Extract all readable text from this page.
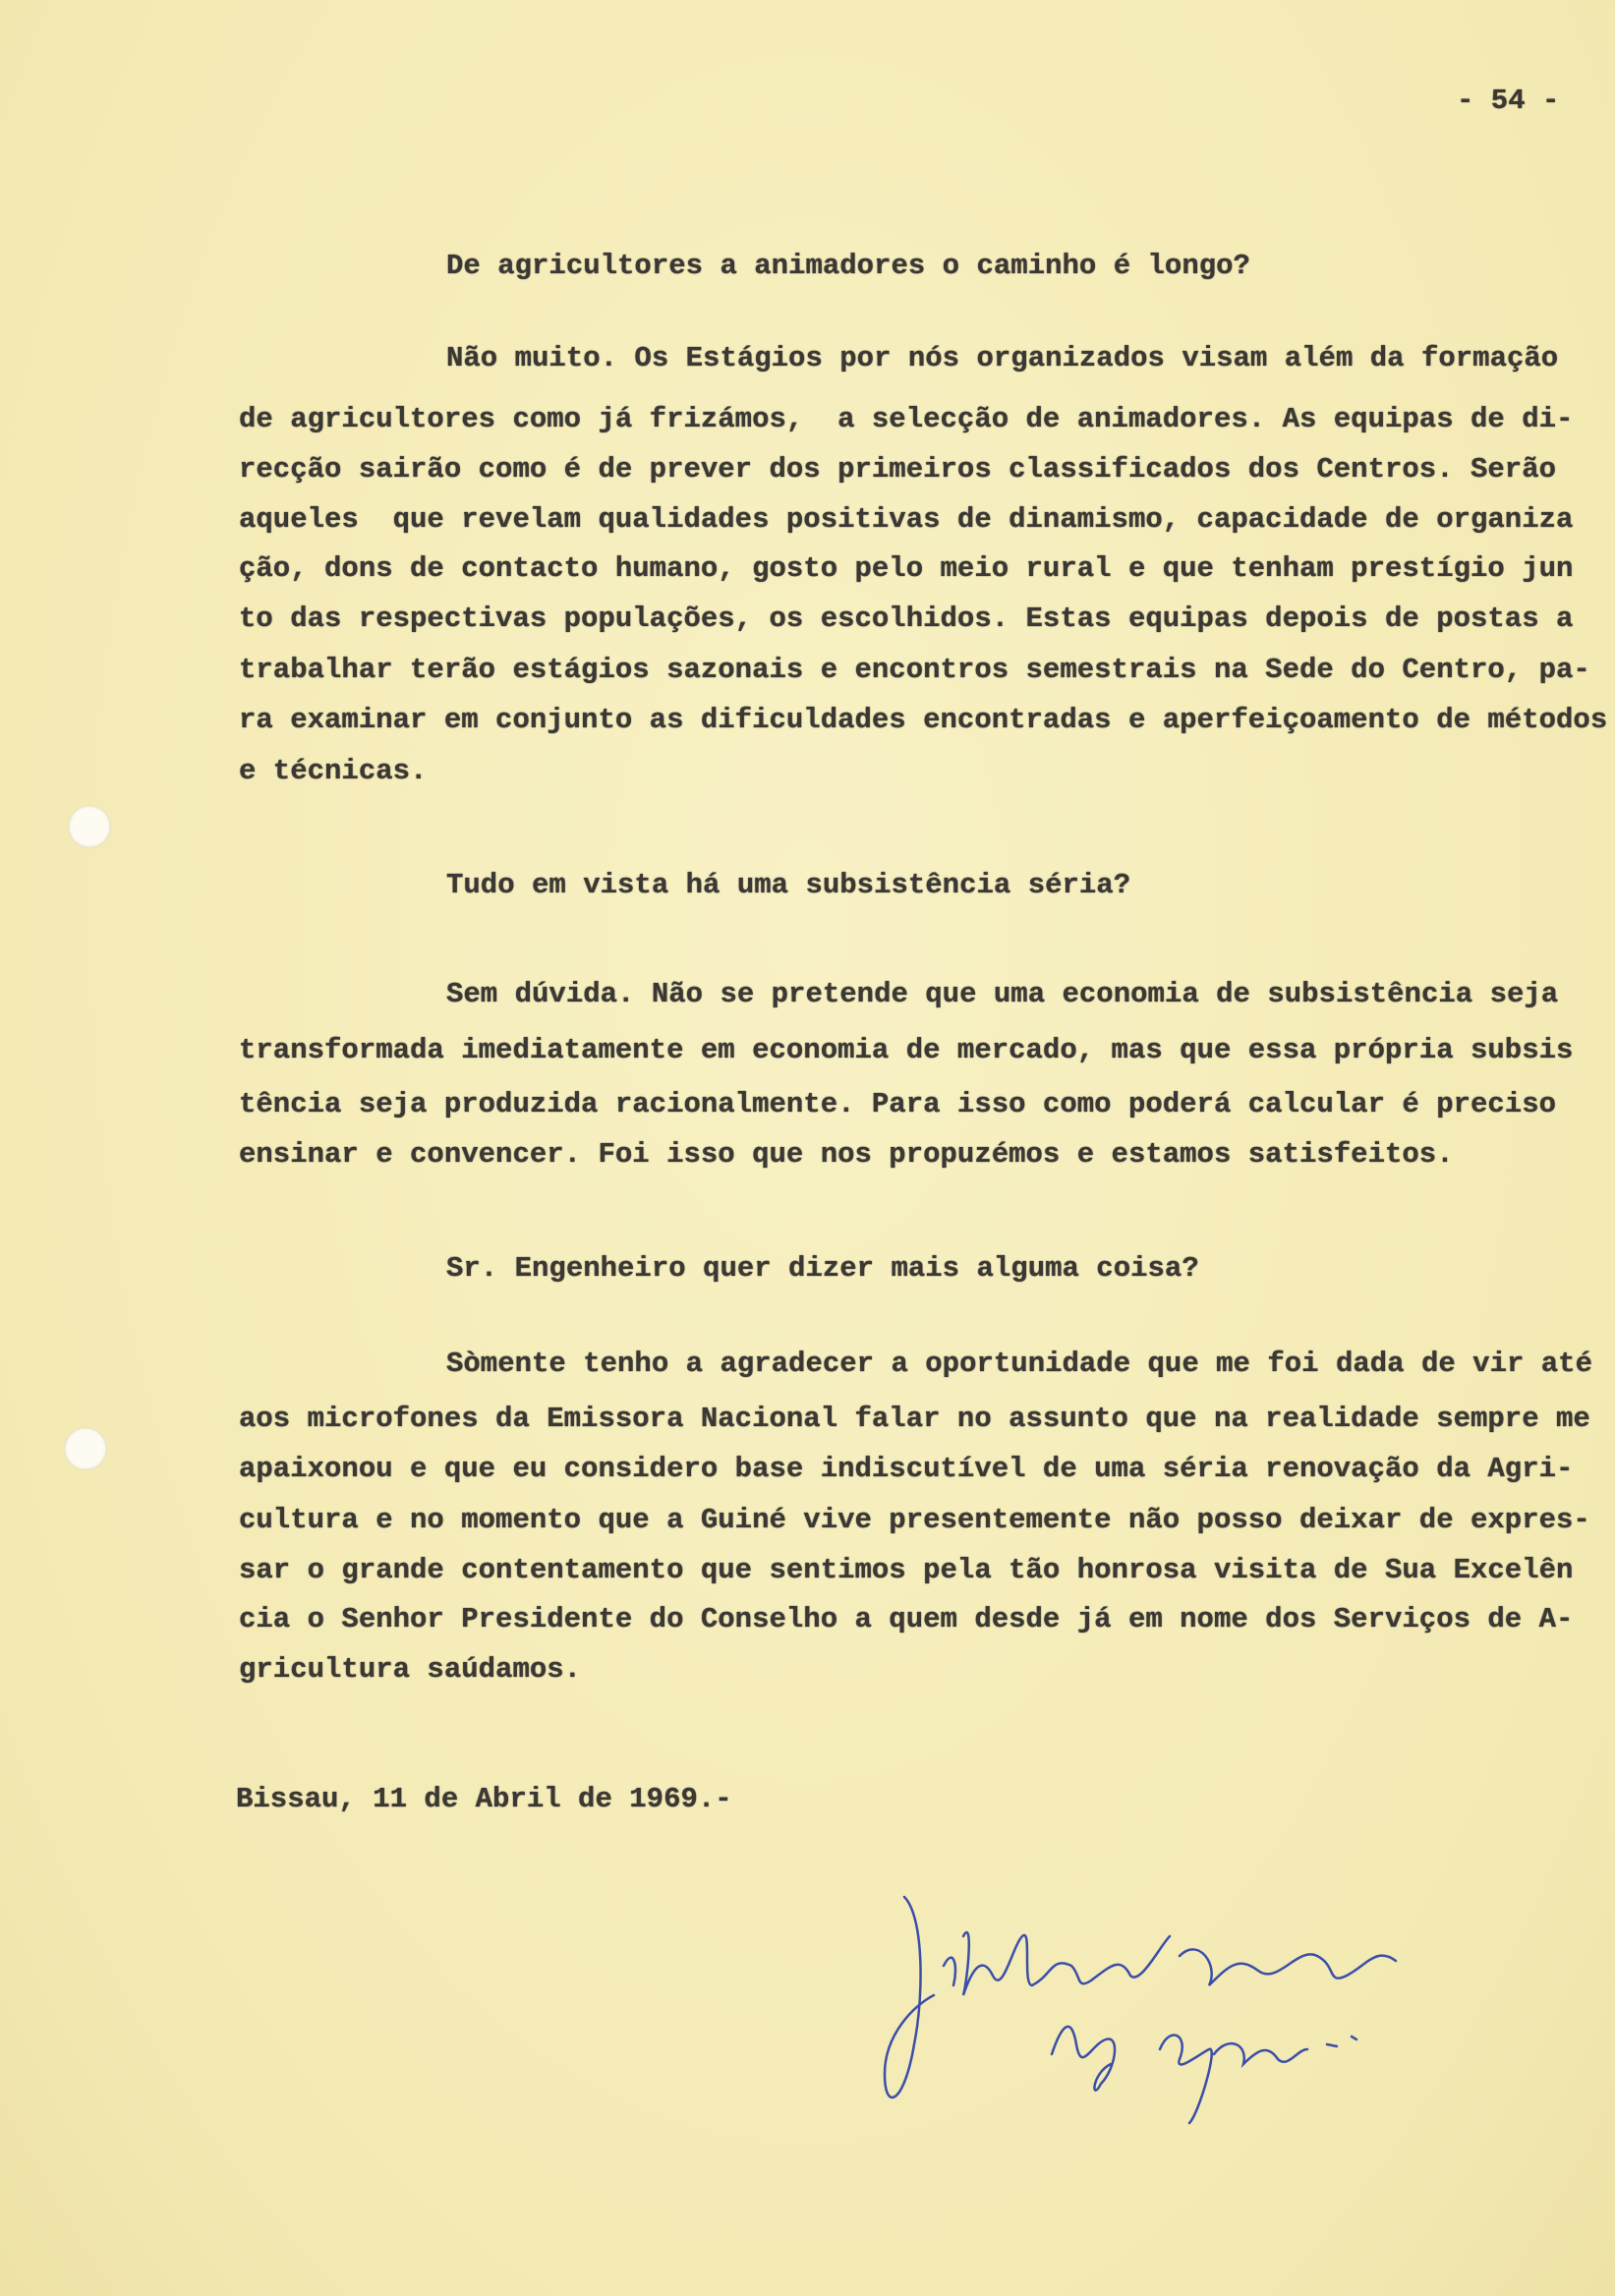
- 54 -
De agricultores a animadores o caminho é longo?
Não muito. Os Estágios por nós organizados visam além da formação
de agricultores como já frizámos,  a selecção de animadores. As equipas de di-
recção sairão como é de prever dos primeiros classificados dos Centros. Serão
aqueles  que revelam qualidades positivas de dinamismo, capacidade de organiza
ção, dons de contacto humano, gosto pelo meio rural e que tenham prestígio jun
to das respectivas populações, os escolhidos. Estas equipas depois de postas a
trabalhar terão estágios sazonais e encontros semestrais na Sede do Centro, pa-
ra examinar em conjunto as dificuldades encontradas e aperfeiçoamento de métodos
e técnicas.
Tudo em vista há uma subsistência séria?
Sem dúvida. Não se pretende que uma economia de subsistência seja
transformada imediatamente em economia de mercado, mas que essa própria subsis
tência seja produzida racionalmente. Para isso como poderá calcular é preciso
ensinar e convencer. Foi isso que nos propuzémos e estamos satisfeitos.
Sr. Engenheiro quer dizer mais alguma coisa?
Sòmente tenho a agradecer a oportunidade que me foi dada de vir até
aos microfones da Emissora Nacional falar no assunto que na realidade sempre me
apaixonou e que eu considero base indiscutível de uma séria renovação da Agri-
cultura e no momento que a Guiné vive presentemente não posso deixar de expres-
sar o grande contentamento que sentimos pela tão honrosa visita de Sua Excelên
cia o Senhor Presidente do Conselho a quem desde já em nome dos Serviços de A-
gricultura saúdamos.
Bissau, 11 de Abril de 1969.-
